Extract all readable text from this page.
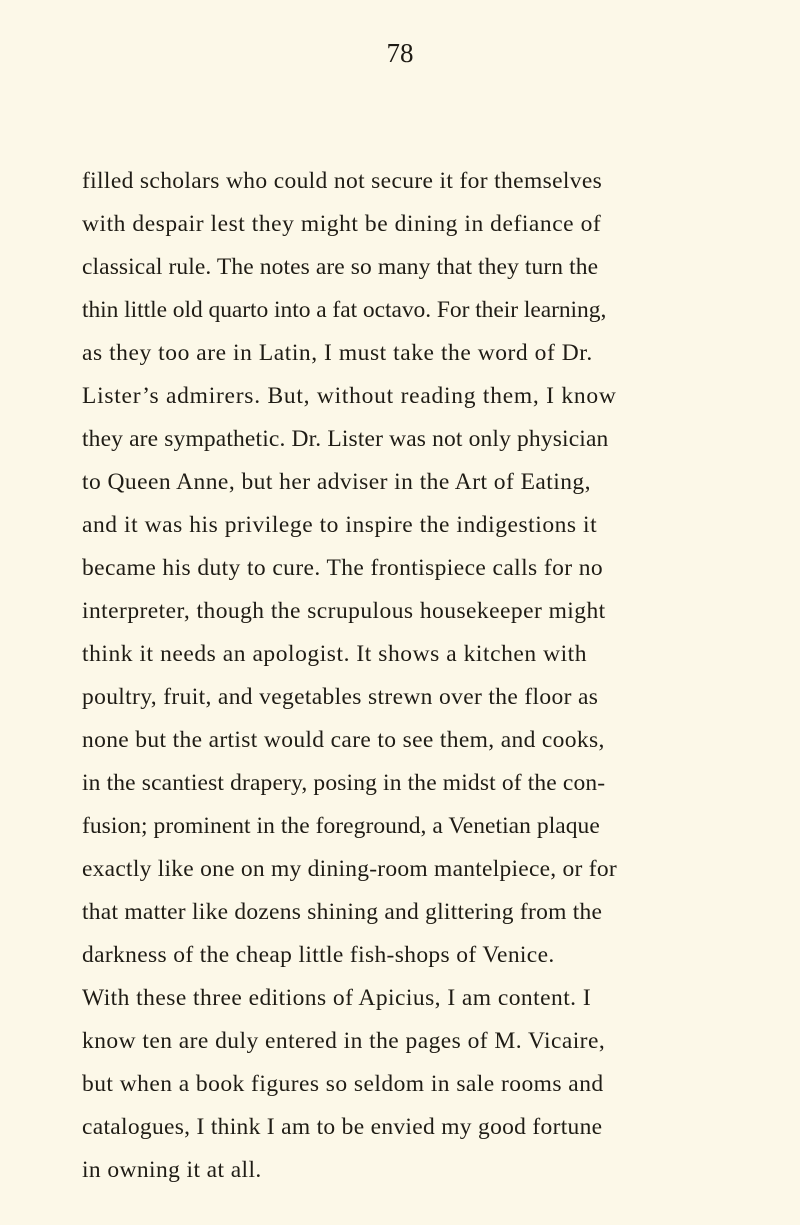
78
filled scholars who could not secure it for themselves
with despair lest they might be dining in defiance of
classical rule. The notes are so many that they turn the
thin little old quarto into a fat octavo. For their learning,
as they too are in Latin, I must take the word of Dr.
Lister’s admirers. But, without reading them, I know
they are sympathetic. Dr. Lister was not only physician
to Queen Anne, but her adviser in the Art of Eating,
and it was his privilege to inspire the indigestions it
became his duty to cure. The frontispiece calls for no
interpreter, though the scrupulous housekeeper might
think it needs an apologist. It shows a kitchen with
poultry, fruit, and vegetables strewn over the floor as
none but the artist would care to see them, and cooks,
in the scantiest drapery, posing in the midst of the con-
fusion; prominent in the foreground, a Venetian plaque
exactly like one on my dining-room mantelpiece, or for
that matter like dozens shining and glittering from the
darkness of the cheap little fish-shops of Venice.
With these three editions of Apicius, I am content. I
know ten are duly entered in the pages of M. Vicaire,
but when a book figures so seldom in sale rooms and
catalogues, I think I am to be envied my good fortune
in owning it at all.
